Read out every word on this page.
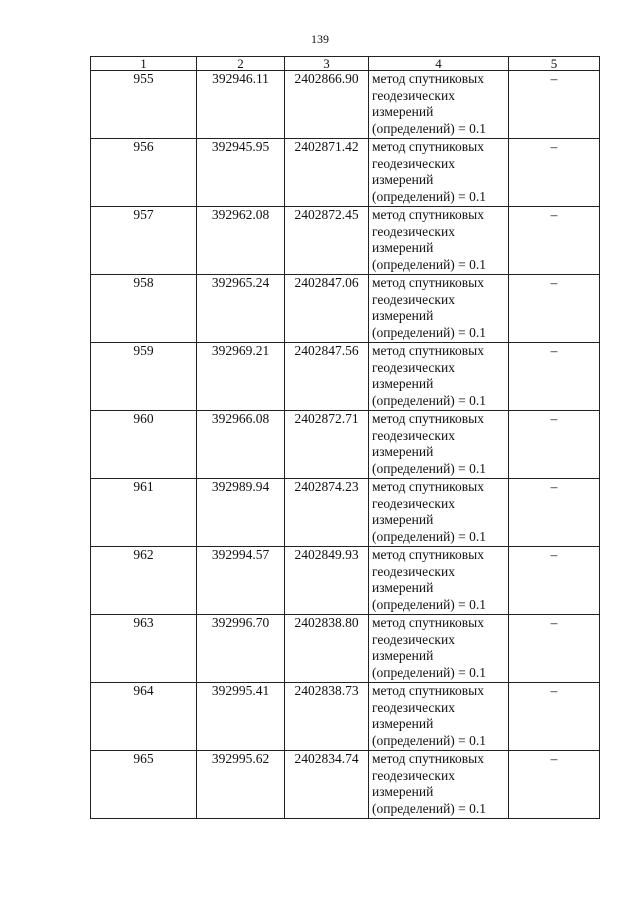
139
1	2	3	4	5
955	392946.11	2402866.90	метод спутниковых геодезических измерений (определений) = 0.1	–
956	392945.95	2402871.42	метод спутниковых геодезических измерений (определений) = 0.1	–
957	392962.08	2402872.45	метод спутниковых геодезических измерений (определений) = 0.1	–
958	392965.24	2402847.06	метод спутниковых геодезических измерений (определений) = 0.1	–
959	392969.21	2402847.56	метод спутниковых геодезических измерений (определений) = 0.1	–
960	392966.08	2402872.71	метод спутниковых геодезических измерений (определений) = 0.1	–
961	392989.94	2402874.23	метод спутниковых геодезических измерений (определений) = 0.1	–
962	392994.57	2402849.93	метод спутниковых геодезических измерений (определений) = 0.1	–
963	392996.70	2402838.80	метод спутниковых геодезических измерений (определений) = 0.1	–
964	392995.41	2402838.73	метод спутниковых геодезических измерений (определений) = 0.1	–
965	392995.62	2402834.74	метод спутниковых геодезических измерений (определений) = 0.1	–
